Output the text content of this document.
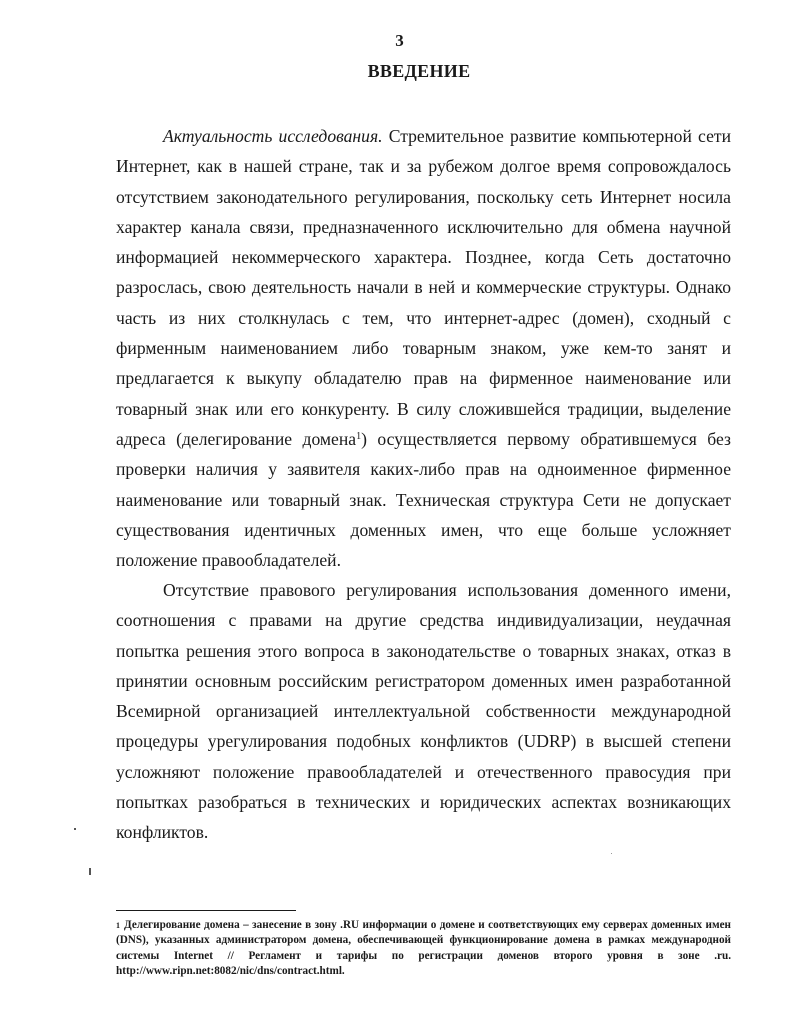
3
ВВЕДЕНИЕ

Актуальность исследования. Стремительное развитие компьютерной сети Интернет, как в нашей стране, так и за рубежом долгое время сопровождалось отсутствием законодательного регулирования, поскольку сеть Интернет носила характер канала связи, предназначенного исключительно для обмена научной информацией некоммерческого характера. Позднее, когда Сеть достаточно разрослась, свою деятельность начали в ней и коммерческие структуры. Однако часть из них столкнулась с тем, что интернет-адрес (домен), сходный с фирменным наименованием либо товарным знаком, уже кем-то занят и предлагается к выкупу обладателю прав на фирменное наименование или товарный знак или его конкуренту. В силу сложившейся традиции, выделение адреса (делегирование домена$^1$) осуществляется первому обратившемуся без проверки наличия у заявителя каких-либо прав на одноименное фирменное наименование или товарный знак. Техническая структура Сети не допускает существования идентичных доменных имен, что еще больше усложняет положение правообладателей.

Отсутствие правового регулирования использования доменного имени, соотношения с правами на другие средства индивидуализации, неудачная попытка решения этого вопроса в законодательстве о товарных знаках, отказ в принятии основным российским регистратором доменных имен разработанной Всемирной организацией интеллектуальной собственности международной процедуры урегулирования подобных конфликтов (UDRP) в высшей степени усложняют положение правообладателей и отечественного правосудия при попытках разобраться в технических и юридических аспектах возникающих конфликтов.

$^1$ Делегирование домена – занесение в зону .RU информации о домене и соответствующих ему серверах доменных имен (DNS), указанных администратором домена, обеспечивающей функционирование домена в рамках международной системы Internet // Регламент и тарифы по регистрации доменов второго уровня в зоне .ru. http://www.ripn.net:8082/nic/dns/contract.html.
